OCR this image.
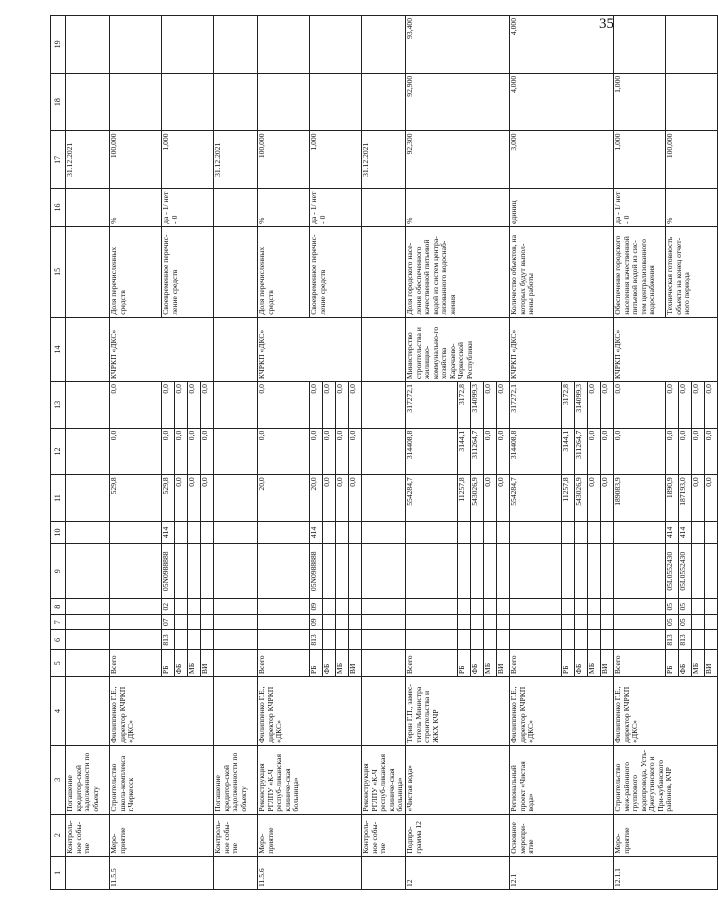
35
1	2	3	4	5	6	7	8	9	10	11	12	13	14	15	16	17	18	19
	Контроль-ное собы-тие	Погашение кредитор-ской задолженности по объекту														31.12.2021		
11.5.5	Меро-приятие	Строительство школа-комплекса г.Черкесск	Филиппенко Г.Е., директор КЧРКП «ДКС»	Всего						529,8	0,0	0,0	КЧРКП «ДКС»	Доля перечисленных средств	%	100,000		
				РБ	813	07	02	05N0988888	414	529,8	0,0	0,0		Своевременное перечис-ление средств	да - 1/ нет - 0	1,000		
				ФБ						0,0	0,0	0,0						
				МБ						0,0	0,0	0,0						
				ВИ						0,0	0,0	0,0						
	Контроль-ное собы-тие	Погашение кредитор-ской задолженности по объекту														31.12.2021		
11.5.6	Меро-приятие	Реконструкция РГЛПУ «К-Ч респуб-ликанская клиниче-ская больница»	Филиппенко Г.Е., директор КЧРКП «ДКС»	Всего						20,0	0,0	0,0	КЧРКП «ДКС»	Доля перечисленных средств	%	100,000		
				РБ	813	09	09	05N0988888	414	20,0	0,0	0,0		Своевременное перечис-ление средств	да - 1/ нет - 0	1,000		
				ФБ						0,0	0,0	0,0						
				МБ						0,0	0,0	0,0						
				ВИ						0,0	0,0	0,0						
	Контроль-ное собы-тие	Реконструкция РГЛПУ «К-Ч респуб-ликанская клиниче-ская больница»														31.12.2021		
12	Подпро-грамма 12	«Чистая вода»	Терин Г.П., замес-титель Министра строительства и ЖКХ КЧР	Всего						554284,7	314408,8	317272,1	Министерство строительства и жилищно-коммунально-го хозяйства Карачаево-Черкесской Республики	Доля городского насе-ления обеспеченного качественной питьевой водой из систем центра-лизованного водоснаб-жения	%	92,300	92,900	93,400
				РБ						11257,8	3144,1	3172,8						
				ФБ						543026,9	311264,7	314099,3						
				МБ						0,0	0,0	0,0						
				ВИ						0,0	0,0	0,0						
12.1	Основное меропри-ятие	Региональный проект «Чистая вода»	Филиппенко Г.Е., директор КЧРКП «ДКС»	Всего						554284,7	314408,8	317272,1	КЧРКП «ДКС»	Количество объектов, на которых будут выпол-нены работы	единиц	3,000	4,000	4,000
				РБ						11257,8	3144,1	3172,8						
				ФБ						543026,9	311264,7	314099,3						
				МБ						0,0	0,0	0,0						
				ВИ						0,0	0,0	0,0						
12.1.1	Меро-приятие	Строительство меж-районного группового водопровода, Усть-Джегутинского и При-кубанского районов, КЧР	Филиппенко Г.Е., директор КЧРКП «ДКС»	Всего						189083,9	0,0	0,0	КЧРКП «ДКС»	Обеспечение городского населения качественной питьевой водой из сис-тем централизованного водоснабжения	да - 1/ нет - 0	1,000	1,000	
				РБ	813	05	05	05L0552430	414	1890,9	0,0	0,0		Техническая готовность объекта на конец отчет-ного периода	%	100,000		
				ФБ	813	05	05	05L0552430	414	187193,0	0,0	0,0						
				МБ						0,0	0,0	0,0						
				ВИ						0,0	0,0	0,0						
